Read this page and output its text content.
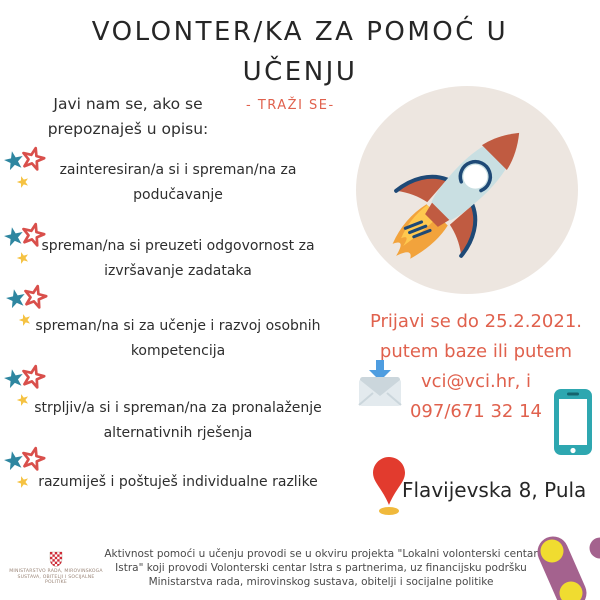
VOLONTER/KA ZA POMOĆ U
UČENJU
Javi nam se, ako se
prepoznaješ u opisu:
- TRAŽI SE-
zainteresiran/a si i spreman/na za
podučavanje
spreman/na si preuzeti odgovornost za
izvršavanje zadataka
spreman/na si za učenje i razvoj osobnih
kompetencija
strpljiv/a si i spreman/na za pronalaženje
alternativnih rješenja
razumiješ i poštuješ individualne razlike
Prijavi se do 25.2.2021.
putem baze ili putem
vci@vci.hr, i
097/671 32 14
Flavijevska 8, Pula
Aktivnost pomoći u učenju provodi se u okviru projekta "Lokalni volonterski centar Istra" koji provodi Volonterski centar Istra s partnerima, uz financijsku podršku Ministarstva rada, mirovinskog sustava, obitelji i socijalne politike
MINISTARSTVO RADA, MIROVINSKOGA
SUSTAVA, OBITELJI I SOCIJALNE POLITIKE
